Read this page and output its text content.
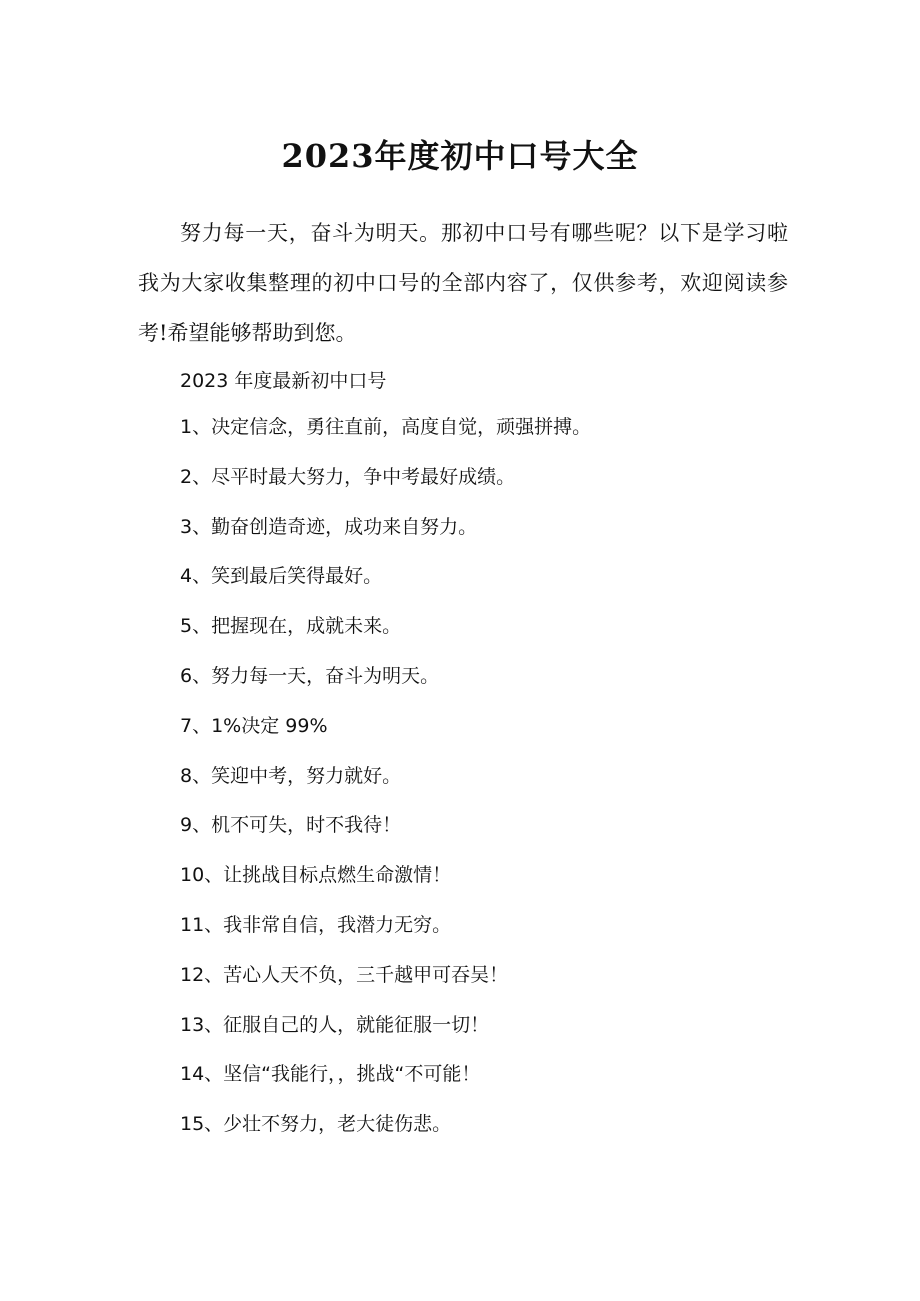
2023年度初中口号大全
努力每一天，奋斗为明天。那初中口号有哪些呢？以下是学习啦我为大家收集整理的初中口号的全部内容了，仅供参考，欢迎阅读参考!希望能够帮助到您。
2023 年度最新初中口号
1、决定信念，勇往直前，高度自觉，顽强拼搏。
2、尽平时最大努力，争中考最好成绩。
3、勤奋创造奇迹，成功来自努力。
4、笑到最后笑得最好。
5、把握现在，成就未来。
6、努力每一天，奋斗为明天。
7、1%决定 99%
8、笑迎中考，努力就好。
9、机不可失，时不我待！
10、让挑战目标点燃生命激情！
11、我非常自信，我潜力无穷。
12、苦心人天不负，三千越甲可吞吴！
13、征服自己的人，就能征服一切！
14、坚信“我能行，，挑战“不可能！
15、少壮不努力，老大徒伤悲。
